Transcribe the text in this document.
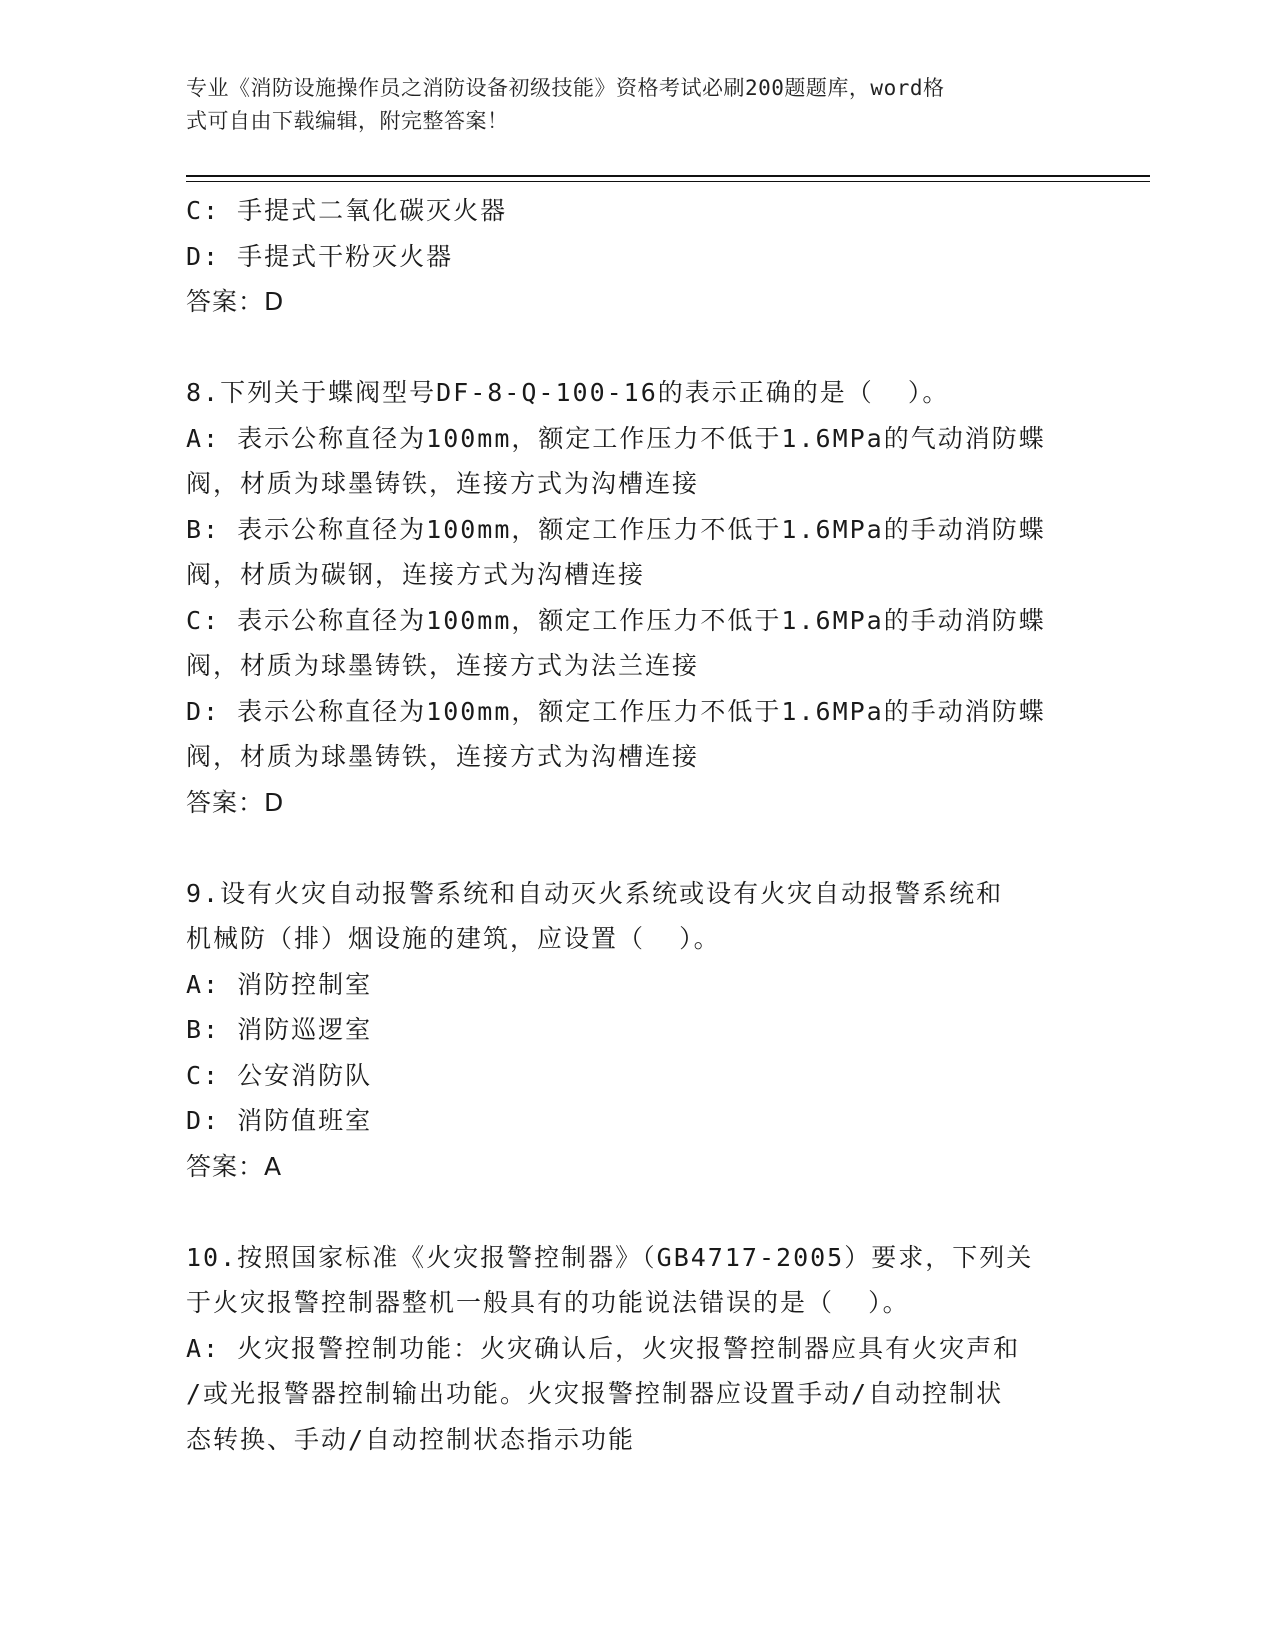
专业《消防设施操作员之消防设备初级技能》资格考试必刷200题题库，word格
式可自由下载编辑，附完整答案！
C: 手提式二氧化碳灭火器
D: 手提式干粉灭火器
答案：D
8.下列关于蝶阀型号DF-8-Q-100-16的表示正确的是（  ）。
A: 表示公称直径为100mm，额定工作压力不低于1.6MPa的气动消防蝶
阀，材质为球墨铸铁，连接方式为沟槽连接
B: 表示公称直径为100mm，额定工作压力不低于1.6MPa的手动消防蝶
阀，材质为碳钢，连接方式为沟槽连接
C: 表示公称直径为100mm，额定工作压力不低于1.6MPa的手动消防蝶
阀，材质为球墨铸铁，连接方式为法兰连接
D: 表示公称直径为100mm，额定工作压力不低于1.6MPa的手动消防蝶
阀，材质为球墨铸铁，连接方式为沟槽连接
答案：D
9.设有火灾自动报警系统和自动灭火系统或设有火灾自动报警系统和
机械防（排）烟设施的建筑，应设置（  ）。
A: 消防控制室
B: 消防巡逻室
C: 公安消防队
D: 消防值班室
答案：A
10.按照国家标准《火灾报警控制器》（GB4717-2005）要求，下列关
于火灾报警控制器整机一般具有的功能说法错误的是（  ）。
A: 火灾报警控制功能：火灾确认后，火灾报警控制器应具有火灾声和
/或光报警器控制输出功能。火灾报警控制器应设置手动/自动控制状
态转换、手动/自动控制状态指示功能
